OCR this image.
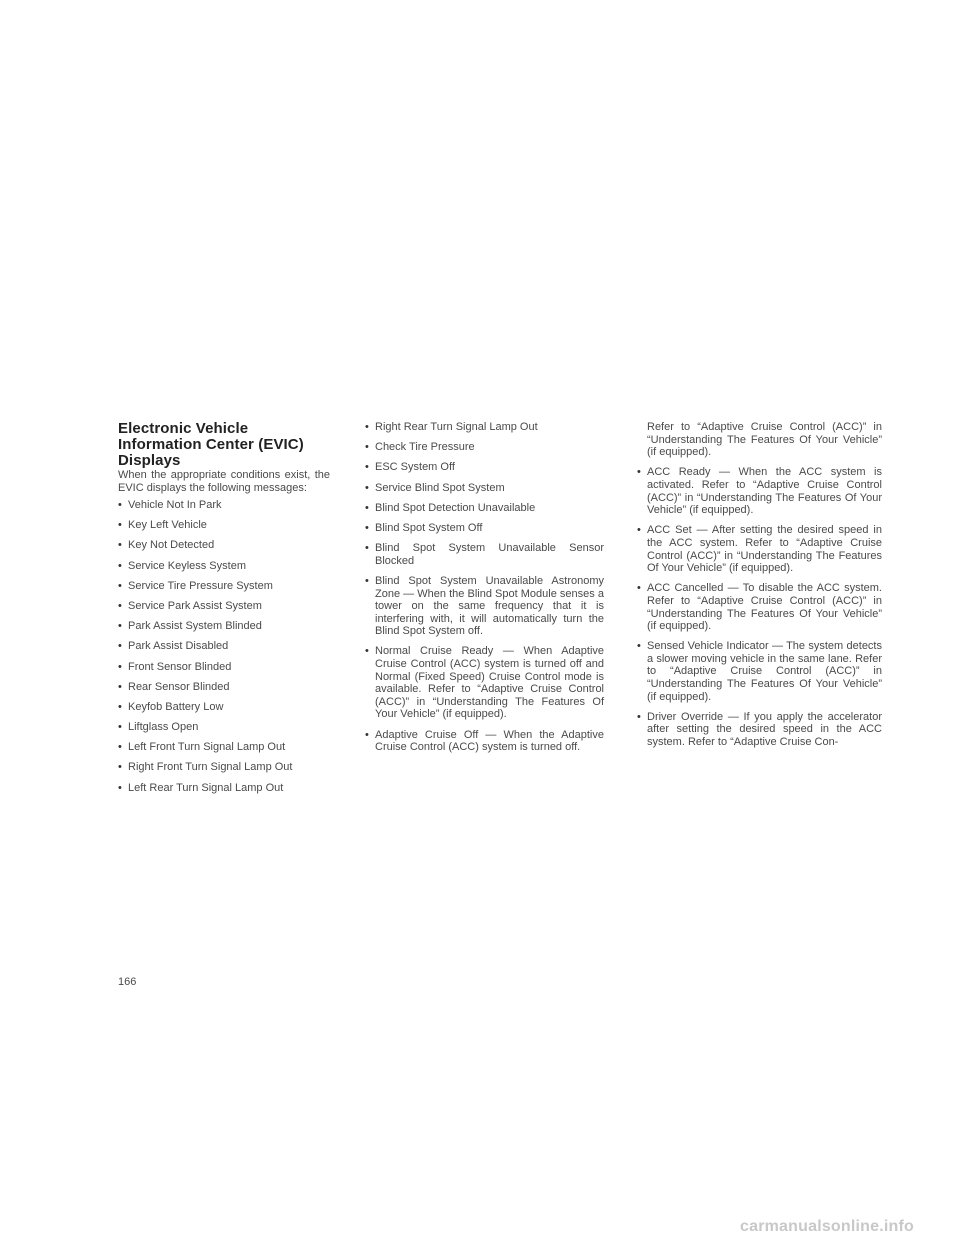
Electronic Vehicle Information Center (EVIC) Displays

When the appropriate conditions exist, the EVIC displays the following messages:

• Vehicle Not In Park
• Key Left Vehicle
• Key Not Detected
• Service Keyless System
• Service Tire Pressure System
• Service Park Assist System
• Park Assist System Blinded
• Park Assist Disabled
• Front Sensor Blinded
• Rear Sensor Blinded
• Keyfob Battery Low
• Liftglass Open
• Left Front Turn Signal Lamp Out
• Right Front Turn Signal Lamp Out
• Left Rear Turn Signal Lamp Out
• Right Rear Turn Signal Lamp Out
• Check Tire Pressure
• ESC System Off
• Service Blind Spot System
• Blind Spot Detection Unavailable
• Blind Spot System Off
• Blind Spot System Unavailable Sensor Blocked
• Blind Spot System Unavailable Astronomy Zone — When the Blind Spot Module senses a tower on the same frequency that it is interfering with, it will automatically turn the Blind Spot System off.
• Normal Cruise Ready — When Adaptive Cruise Control (ACC) system is turned off and Normal (Fixed Speed) Cruise Control mode is available. Refer to “Adaptive Cruise Control (ACC)” in “Understanding The Features Of Your Vehicle” (if equipped).
• Adaptive Cruise Off — When the Adaptive Cruise Control (ACC) system is turned off.
Refer to “Adaptive Cruise Control (ACC)” in “Understanding The Features Of Your Vehicle” (if equipped).
• ACC Ready — When the ACC system is activated. Refer to “Adaptive Cruise Control (ACC)” in “Understanding The Features Of Your Vehicle” (if equipped).
• ACC Set — After setting the desired speed in the ACC system. Refer to “Adaptive Cruise Control (ACC)” in “Understanding The Features Of Your Vehicle” (if equipped).
• ACC Cancelled — To disable the ACC system. Refer to “Adaptive Cruise Control (ACC)” in “Understanding The Features Of Your Vehicle” (if equipped).
• Sensed Vehicle Indicator — The system detects a slower moving vehicle in the same lane. Refer to “Adaptive Cruise Control (ACC)” in “Understanding The Features Of Your Vehicle” (if equipped).
• Driver Override — If you apply the accelerator after setting the desired speed in the ACC system. Refer to “Adaptive Cruise Con-
166
carmanualsonline.info
